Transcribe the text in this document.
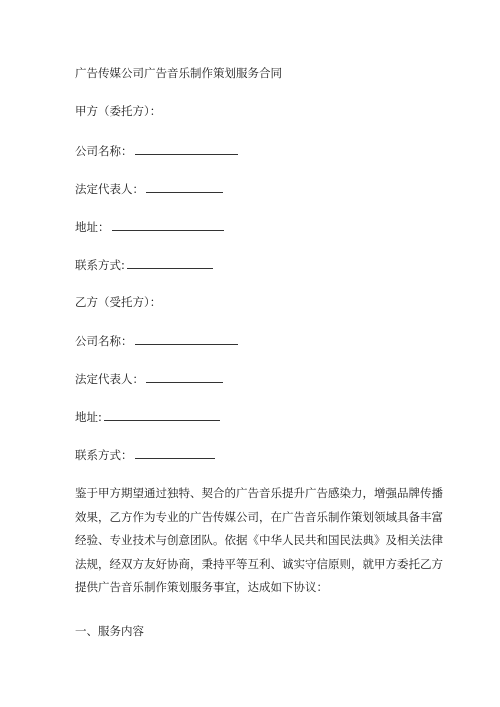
广告传媒公司广告音乐制作策划服务合同
甲方（委托方）：
公司名称：
法定代表人：
地址：
联系方式:
乙方（受托方）：
公司名称：
法定代表人：
地址:
联系方式：
鉴于甲方期望通过独特、契合的广告音乐提升广告感染力，增强品牌传播
效果，乙方作为专业的广告传媒公司，在广告音乐制作策划领域具备丰富
经验、专业技术与创意团队。依据《中华人民共和国民法典》及相关法律
法规，经双方友好协商，秉持平等互利、诚实守信原则，就甲方委托乙方
提供广告音乐制作策划服务事宜，达成如下协议：
一、服务内容
